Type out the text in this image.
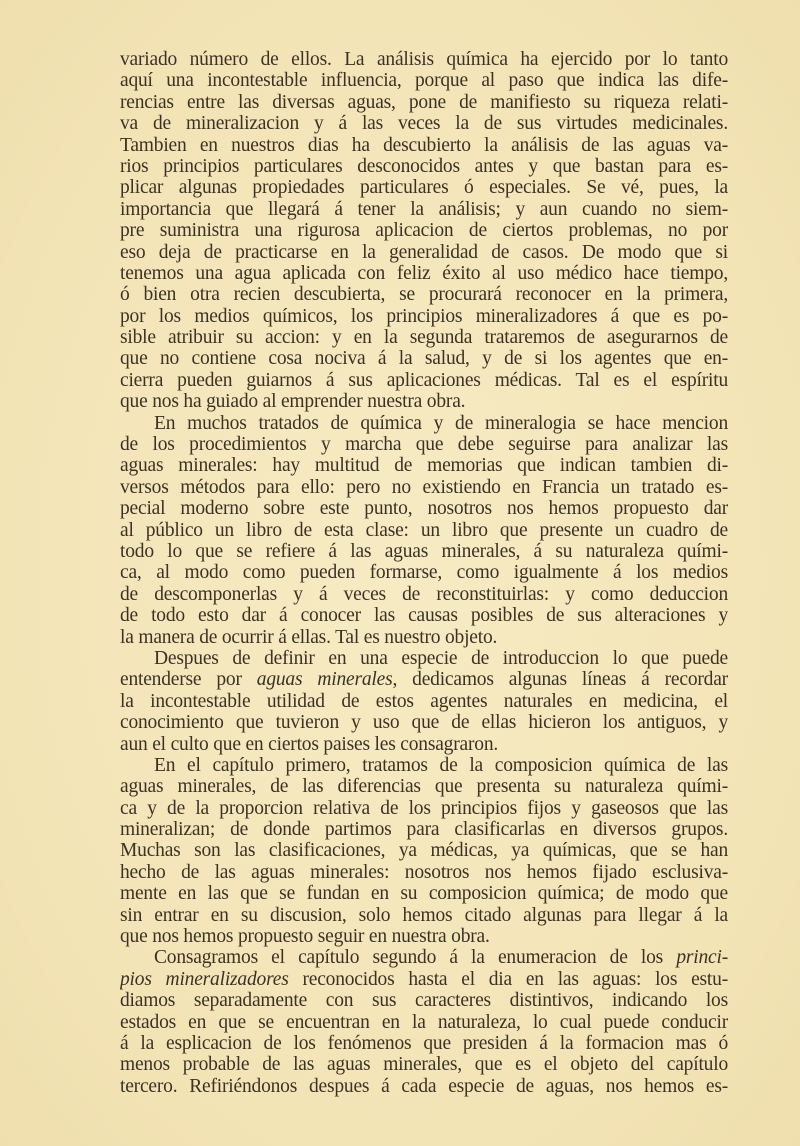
variado número de ellos. La análisis química ha ejercido por lo tanto
aquí una incontestable influencia, porque al paso que indica las dife-
rencias entre las diversas aguas, pone de manifiesto su riqueza relati-
va de mineralizacion y á las veces la de sus virtudes medicinales.
Tambien en nuestros dias ha descubierto la análisis de las aguas va-
rios principios particulares desconocidos antes y que bastan para es-
plicar algunas propiedades particulares ó especiales. Se vé, pues, la
importancia que llegará á tener la análisis; y aun cuando no siem-
pre suministra una rigurosa aplicacion de ciertos problemas, no por
eso deja de practicarse en la generalidad de casos. De modo que si
tenemos una agua aplicada con feliz éxito al uso médico hace tiempo,
ó bien otra recien descubierta, se procurará reconocer en la primera,
por los medios químicos, los principios mineralizadores á que es po-
sible atribuir su accion: y en la segunda trataremos de asegurarnos de
que no contiene cosa nociva á la salud, y de si los agentes que en-
cierra pueden guiarnos á sus aplicaciones médicas. Tal es el espíritu
que nos ha guiado al emprender nuestra obra.
En muchos tratados de química y de mineralogia se hace mencion
de los procedimientos y marcha que debe seguirse para analizar las
aguas minerales: hay multitud de memorias que indican tambien di-
versos métodos para ello: pero no existiendo en Francia un tratado es-
pecial moderno sobre este punto, nosotros nos hemos propuesto dar
al público un libro de esta clase: un libro que presente un cuadro de
todo lo que se refiere á las aguas minerales, á su naturaleza quími-
ca, al modo como pueden formarse, como igualmente á los medios
de descomponerlas y á veces de reconstituirlas: y como deduccion
de todo esto dar á conocer las causas posibles de sus alteraciones y
la manera de ocurrir á ellas. Tal es nuestro objeto.
Despues de definir en una especie de introduccion lo que puede
entenderse por aguas minerales, dedicamos algunas líneas á recordar
la incontestable utilidad de estos agentes naturales en medicina, el
conocimiento que tuvieron y uso que de ellas hicieron los antiguos, y
aun el culto que en ciertos paises les consagraron.
En el capítulo primero, tratamos de la composicion química de las
aguas minerales, de las diferencias que presenta su naturaleza quími-
ca y de la proporcion relativa de los principios fijos y gaseosos que las
mineralizan; de donde partimos para clasificarlas en diversos grupos.
Muchas son las clasificaciones, ya médicas, ya químicas, que se han
hecho de las aguas minerales: nosotros nos hemos fijado esclusiva-
mente en las que se fundan en su composicion química; de modo que
sin entrar en su discusion, solo hemos citado algunas para llegar á la
que nos hemos propuesto seguir en nuestra obra.
Consagramos el capítulo segundo á la enumeracion de los princi-
pios mineralizadores reconocidos hasta el dia en las aguas: los estu-
diamos separadamente con sus caracteres distintivos, indicando los
estados en que se encuentran en la naturaleza, lo cual puede conducir
á la esplicacion de los fenómenos que presiden á la formacion mas ó
menos probable de las aguas minerales, que es el objeto del capítulo
tercero. Refiriéndonos despues á cada especie de aguas, nos hemos es-
